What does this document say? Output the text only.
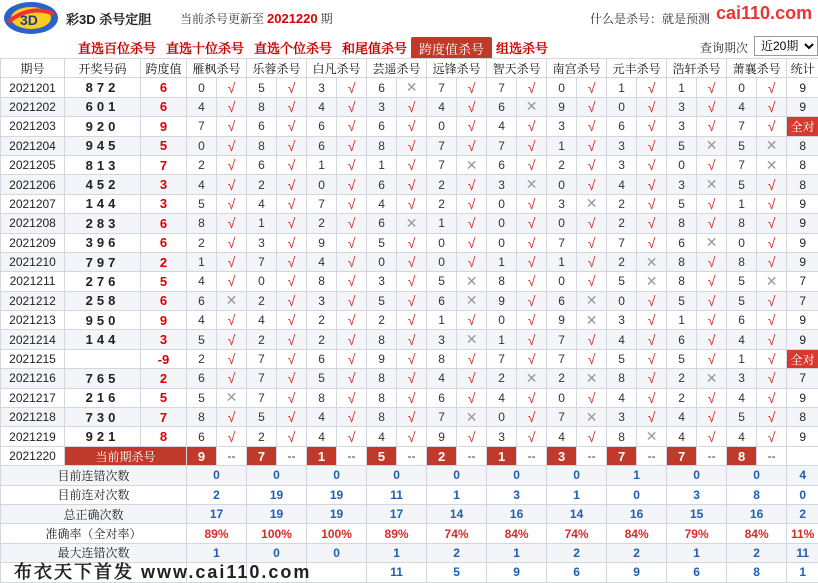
3D 彩3D 杀号定胆 当前杀号更新至 2021220 期	什么是杀号：就是预测 cai110.com
直选百位杀号 直选十位杀号 直选个位杀号 和尾值杀号 跨度值杀号 组选杀号	查询期次
近20期
期号	开奖号码	跨度值	雁枫杀号		乐蓉杀号		白凡杀号		芸遥杀号		远锋杀号		智天杀号		南宫杀号		元丰杀号		浩轩杀号		萧襄杀号		统计
2021201	872	6	0	√	5	√	3	√	6	✕	7	√	7	√	0	√	1	√	1	√	0	√	9
2021202	601	6	4	√	8	√	4	√	3	√	4	√	6	✕	9	√	0	√	3	√	4	√	9
2021203	920	9	7	√	6	√	6	√	6	√	0	√	4	√	3	√	6	√	3	√	7	√	全对
2021204	945	5	0	√	8	√	6	√	8	√	7	√	7	√	1	√	3	√	5	✕	5	✕	8
2021205	813	7	2	√	6	√	1	√	1	√	7	✕	6	√	2	√	3	√	0	√	7	✕	8
2021206	452	3	4	√	2	√	0	√	6	√	2	√	3	✕	0	√	4	√	3	✕	5	√	8
2021207	144	3	5	√	4	√	7	√	4	√	2	√	0	√	3	✕	2	√	5	√	1	√	9
2021208	283	6	8	√	1	√	2	√	6	✕	1	√	0	√	0	√	2	√	8	√	8	√	9
2021209	396	6	2	√	3	√	9	√	5	√	0	√	0	√	7	√	7	√	6	✕	0	√	9
2021210	797	2	1	√	7	√	4	√	0	√	0	√	1	√	1	√	2	✕	8	√	8	√	9
2021211	276	5	4	√	0	√	8	√	3	√	5	✕	8	√	0	√	5	✕	8	√	5	✕	7
2021212	258	6	6	✕	2	√	3	√	5	√	6	✕	9	√	6	✕	0	√	5	√	5	√	7
2021213	950	9	4	√	4	√	2	√	2	√	1	√	0	√	9	✕	3	√	1	√	6	√	9
2021214	144	3	5	√	2	√	2	√	8	√	3	✕	1	√	7	√	4	√	6	√	4	√	9
2021215		-9	2	√	7	√	6	√	9	√	8	√	7	√	7	√	5	√	5	√	1	√	全对
2021216	765	2	6	√	7	√	5	√	8	√	4	√	2	✕	2	✕	8	√	2	✕	3	√	7
2021217	216	5	5	✕	7	√	8	√	8	√	6	√	4	√	0	√	4	√	2	√	4	√	9
2021218	730	7	8	√	5	√	4	√	8	√	7	✕	0	√	7	✕	3	√	4	√	5	√	8
2021219	921	8	6	√	2	√	4	√	4	√	9	√	3	√	4	√	8	✕	4	√	4	√	9
2021220	当前期杀号		9	--	7	--	1	--	5	--	2	--	1	--	3	--	7	--	7	--	8	--	
目前连错次数			0		0		0		0		0		0		0		1		0		0		4
目前连对次数			2		19		19		11		1		3		1		0		3		8		0
总正确次数			17		19		19		17		14		16		14		16		15		16		2
准确率（全对率）			89%		100%		100%		89%		74%		84%		74%		84%		79%		84%		11%
最大连错次数			1		0		0		1		2		1		2		2		1		2		11
									11		5		9		6		9		6		8		1
布衣天下首发 www.cai110.com
